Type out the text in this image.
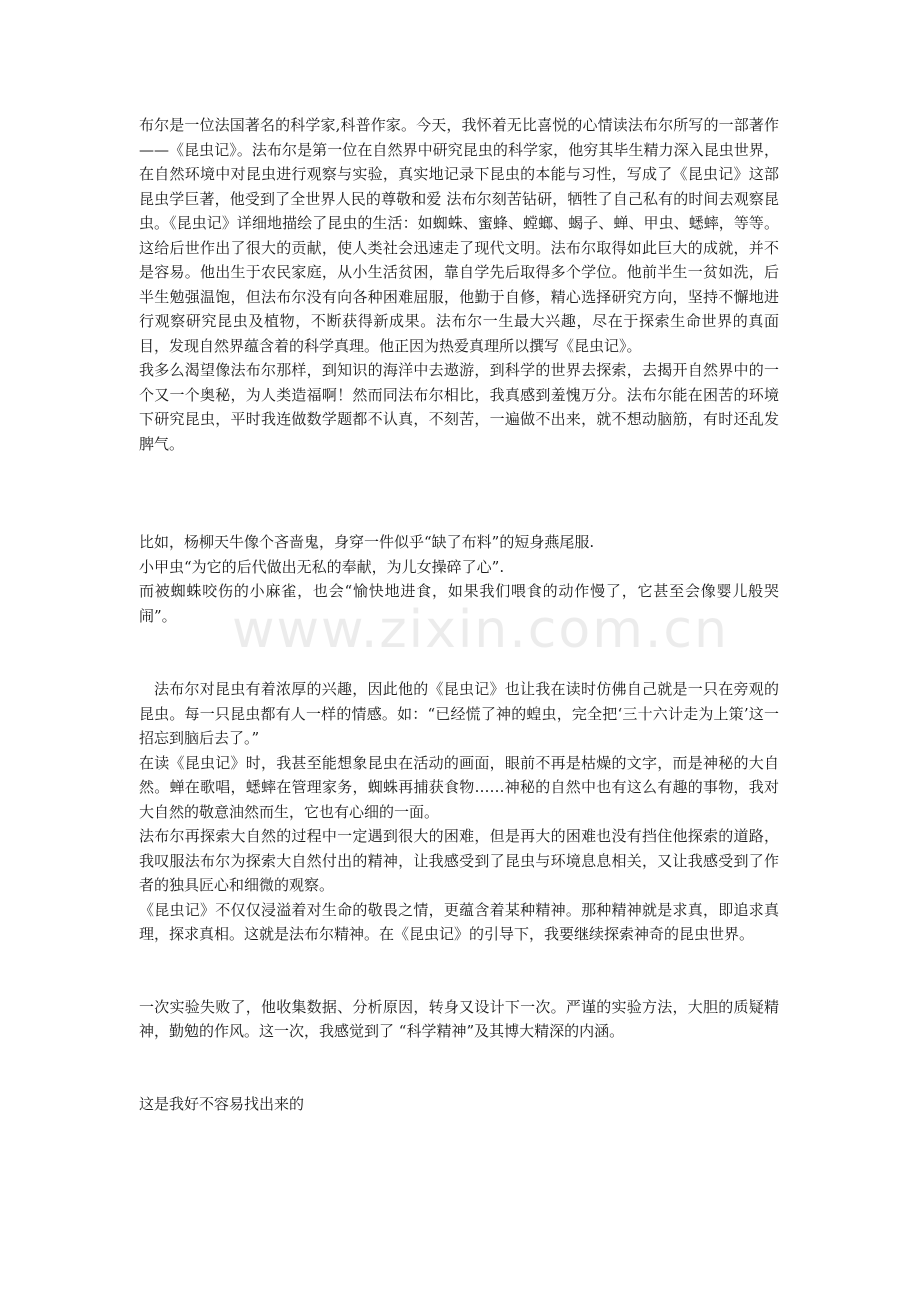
布尔是一位法国著名的科学家,科普作家。今天，我怀着无比喜悦的心情读法布尔所写的一部著作——《昆虫记》。法布尔是第一位在自然界中研究昆虫的科学家，他穷其毕生精力深入昆虫世界，在自然环境中对昆虫进行观察与实验，真实地记录下昆虫的本能与习性，写成了《昆虫记》这部昆虫学巨著，他受到了全世界人民的尊敬和爱 法布尔刻苦钻研，牺牲了自己私有的时间去观察昆虫。《昆虫记》详细地描绘了昆虫的生活：如蜘蛛、蜜蜂、螳螂、蝎子、蝉、甲虫、蟋蟀，等等。这给后世作出了很大的贡献，使人类社会迅速走了现代文明。法布尔取得如此巨大的成就，并不是容易。他出生于农民家庭，从小生活贫困，靠自学先后取得多个学位。他前半生一贫如洗，后半生勉强温饱，但法布尔没有向各种困难屈服，他勤于自修，精心选择研究方向，坚持不懈地进行观察研究昆虫及植物，不断获得新成果。法布尔一生最大兴趣，尽在于探索生命世界的真面目，发现自然界蕴含着的科学真理。他正因为热爱真理所以撰写《昆虫记》。

我多么渴望像法布尔那样，到知识的海洋中去遨游，到科学的世界去探索，去揭开自然界中的一个又一个奥秘，为人类造福啊！然而同法布尔相比，我真感到羞愧万分。法布尔能在困苦的环境下研究昆虫，平时我连做数学题都不认真，不刻苦，一遍做不出来，就不想动脑筋，有时还乱发脾气。

比如，杨柳天牛像个吝啬鬼，身穿一件似乎“缺了布料”的短身燕尾服.

小甲虫“为它的后代做出无私的奉献，为儿女操碎了心”.

而被蜘蛛咬伤的小麻雀，也会“愉快地进食，如果我们喂食的动作慢了，它甚至会像婴儿般哭闹”。

法布尔对昆虫有着浓厚的兴趣，因此他的《昆虫记》也让我在读时仿佛自己就是一只在旁观的昆虫。每一只昆虫都有人一样的情感。如：“已经慌了神的蝗虫，完全把‘三十六计走为上策’这一招忘到脑后去了。”

在读《昆虫记》时，我甚至能想象昆虫在活动的画面，眼前不再是枯燥的文字，而是神秘的大自然。蝉在歌唱，蟋蟀在管理家务，蜘蛛再捕获食物……神秘的自然中也有这么有趣的事物，我对大自然的敬意油然而生，它也有心细的一面。

法布尔再探索大自然的过程中一定遇到很大的困难，但是再大的困难也没有挡住他探索的道路，我叹服法布尔为探索大自然付出的精神，让我感受到了昆虫与环境息息相关，又让我感受到了作者的独具匠心和细微的观察。

《昆虫记》不仅仅浸溢着对生命的敬畏之情，更蕴含着某种精神。那种精神就是求真，即追求真理，探求真相。这就是法布尔精神。在《昆虫记》的引导下，我要继续探索神奇的昆虫世界。

一次实验失败了，他收集数据、分析原因，转身又设计下一次。严谨的实验方法，大胆的质疑精神，勤勉的作风。这一次，我感觉到了 “科学精神”及其博大精深的内涵。

这是我好不容易找出来的

www.zixin.com.cn
